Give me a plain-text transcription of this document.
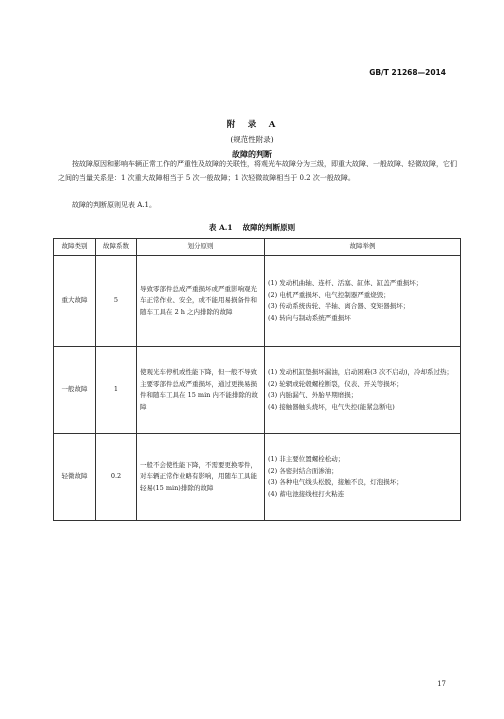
GB/T 21268—2014
附　录　A
(规范性附录)
故障的判断

按故障原因和影响车辆正常工作的严重性及故障的关联性，将观光车故障分为三级，即重大故障、一般故障、轻微故障，它们之间的当量关系是：1 次重大故障相当于 5 次一般故障；1 次轻微故障相当于 0.2 次一般故障。

故障的判断原则见表 A.1。

表 A.1 故障的判断原则
故障类别	故障系数	划分原则	故障举例
重大故障	5	导致零部件总成严重损坏或严重影响观光车正常作业、安全，或不能用易损备件和随车工具在 2 h 之内排除的故障	(1) 发动机曲轴、连杆、活塞、缸体、缸盖严重损坏；
(2) 电机严重损坏、电气控制器严重烧毁；
(3) 传动系统齿轮、半轴、离合器、变矩器损坏；
(4) 转向与制动系统严重损坏

一般故障	1	使观光车停机或性能下降，但一般不导致主要零部件总成严重损坏，通过更换易损件和随车工具在 15 min 内不能排除的故障	(1) 发动机缸垫损坏漏油，启动困难(3 次不启动)，冷却系过热；
(2) 轮辋或轮毂螺栓断裂，仪表、开关等损坏；
(3) 内胎漏气、外胎早期磨损；
(4) 接触器触头烧坏，电气失控(能紧急断电)

轻微故障	0.2	一般不会使性能下降，不需要更换零件，对车辆正常作业略有影响，用随车工具能轻易(15 min)排除的故障	(1) 非主要位置螺栓松动；
(2) 各密封结合面渗油；
(3) 各种电气线头松脱，接触不良，灯泡损坏；
(4) 蓄电池接线柱打火粘连
17
